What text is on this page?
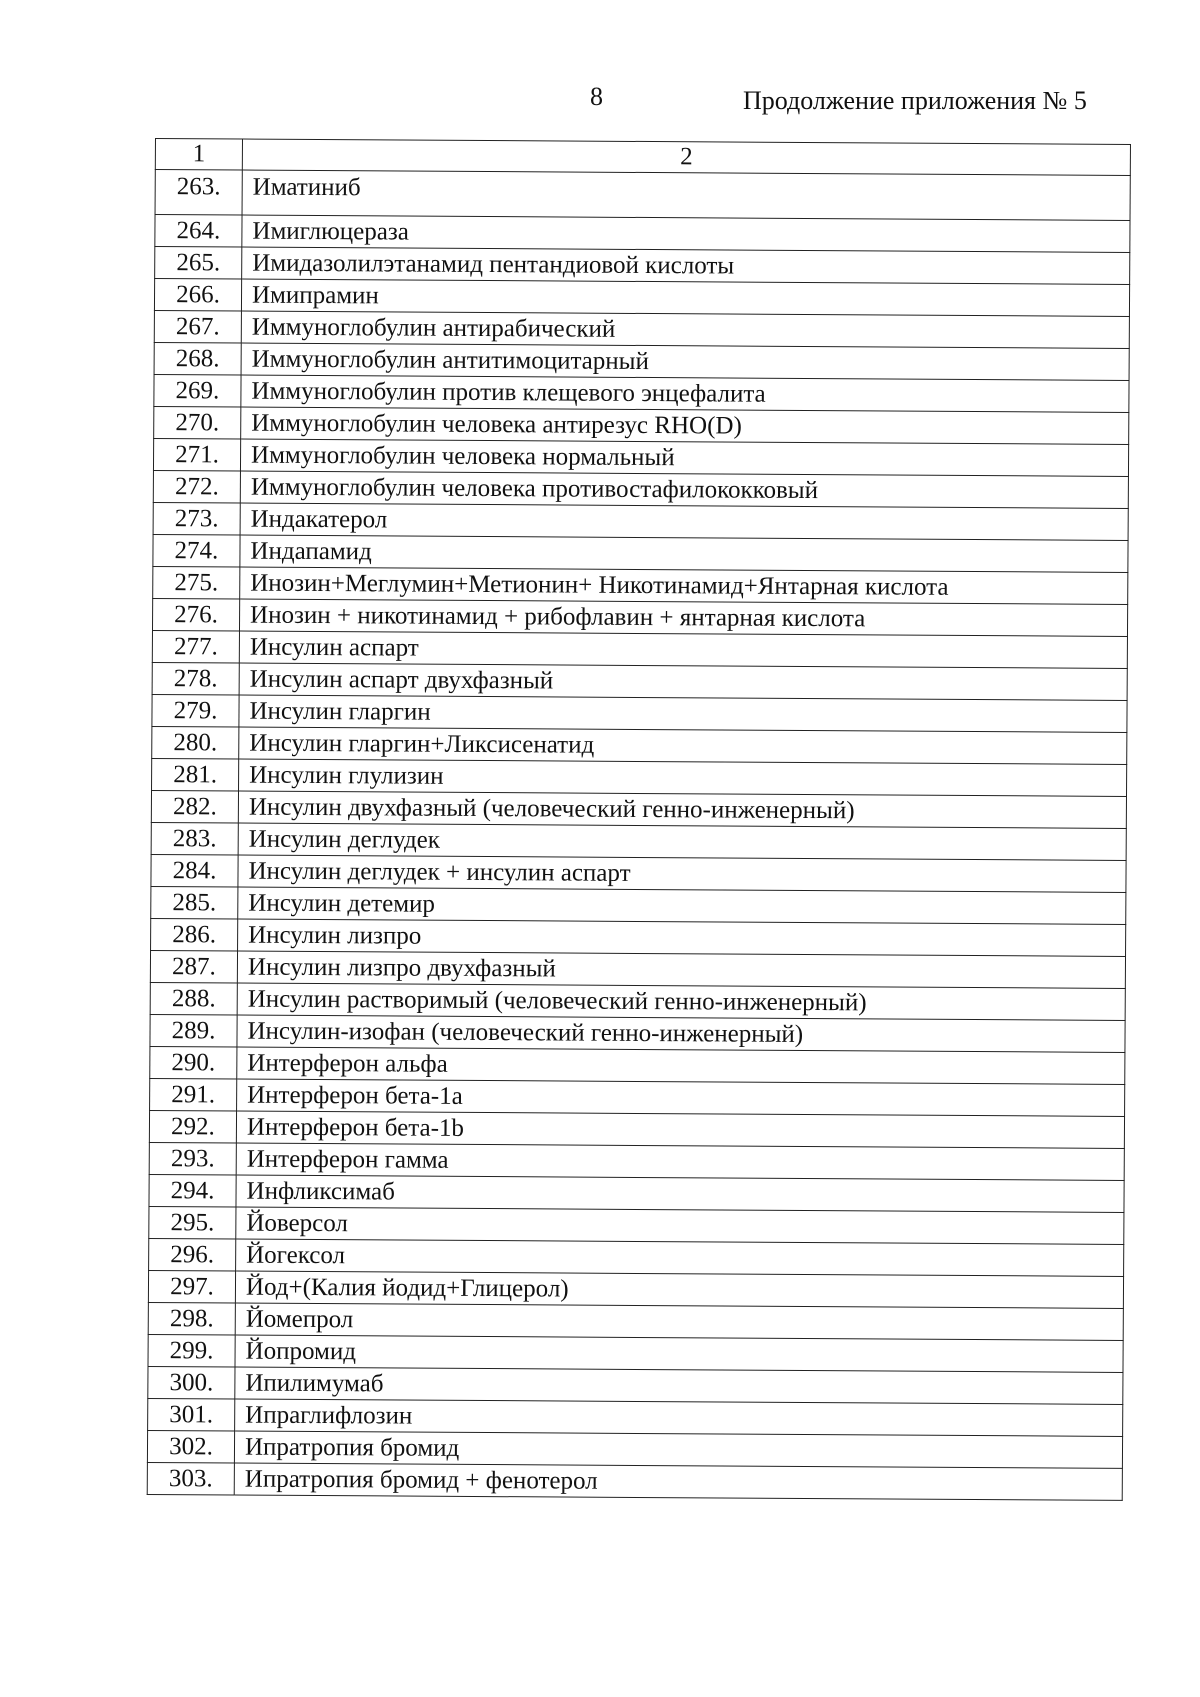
8	Продолжение приложения № 5
1	2
263.	Иматиниб
264.	Имиглюцераза
265.	Имидазолилэтанамид пентандиовой кислоты
266.	Имипрамин
267.	Иммуноглобулин антирабический
268.	Иммуноглобулин антитимоцитарный
269.	Иммуноглобулин против клещевого энцефалита
270.	Иммуноглобулин человека антирезус RHO(D)
271.	Иммуноглобулин человека нормальный
272.	Иммуноглобулин человека противостафилококковый
273.	Индакатерол
274.	Индапамид
275.	Инозин+Меглумин+Метионин+ Никотинамид+Янтарная кислота
276.	Инозин + никотинамид + рибофлавин + янтарная кислота
277.	Инсулин аспарт
278.	Инсулин аспарт двухфазный
279.	Инсулин гларгин
280.	Инсулин гларгин+Ликсисенатид
281.	Инсулин глулизин
282.	Инсулин двухфазный (человеческий генно-инженерный)
283.	Инсулин деглудек
284.	Инсулин деглудек + инсулин аспарт
285.	Инсулин детемир
286.	Инсулин лизпро
287.	Инсулин лизпро двухфазный
288.	Инсулин растворимый (человеческий генно-инженерный)
289.	Инсулин-изофан (человеческий генно-инженерный)
290.	Интерферон альфа
291.	Интерферон бета-1а
292.	Интерферон бета-1b
293.	Интерферон гамма
294.	Инфликсимаб
295.	Йоверсол
296.	Йогексол
297.	Йод+(Калия йодид+Глицерол)
298.	Йомепрол
299.	Йопромид
300.	Ипилимумаб
301.	Ипраглифлозин
302.	Ипратропия бромид
303.	Ипратропия бромид + фенотерол
